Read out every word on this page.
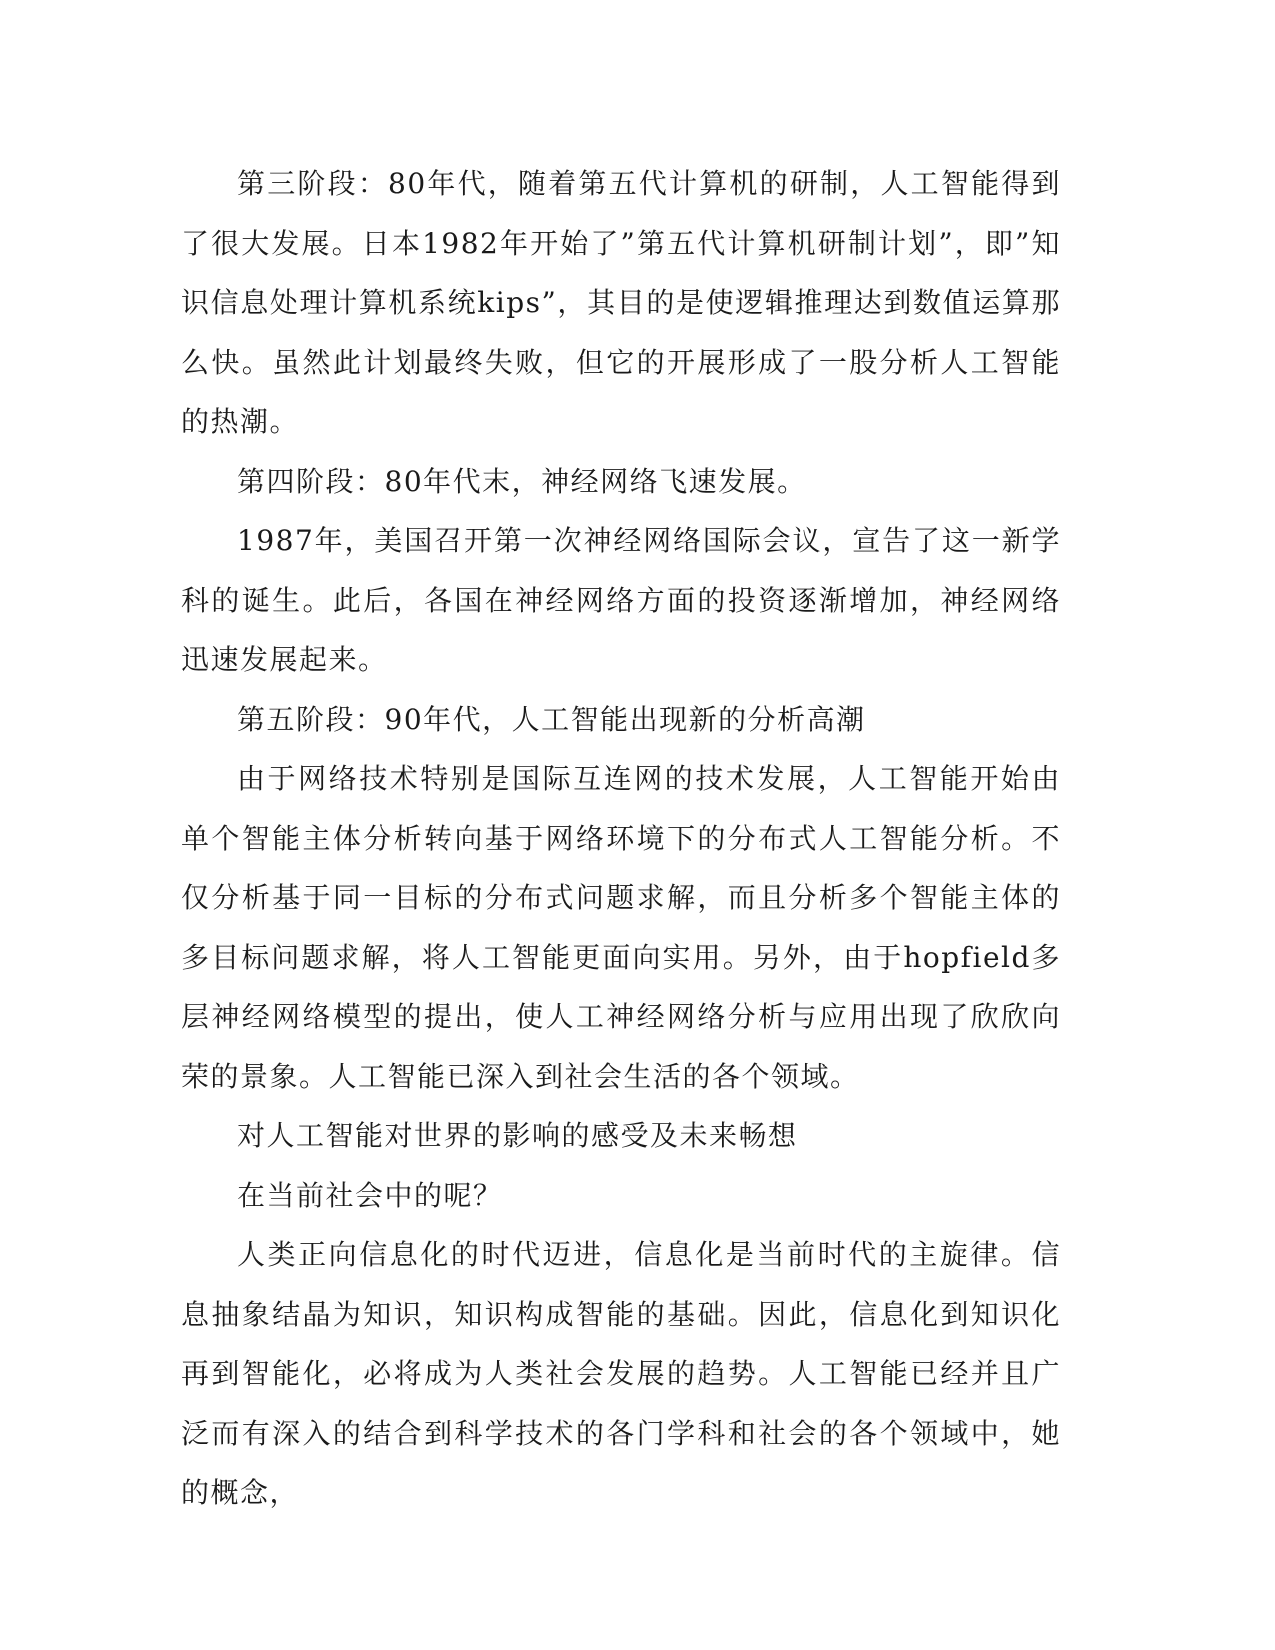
第三阶段：80年代，随着第五代计算机的研制，人工智能得到了很大发展。日本1982年开始了”第五代计算机研制计划”，即”知识信息处理计算机系统kips”，其目的是使逻辑推理达到数值运算那么快。虽然此计划最终失败，但它的开展形成了一股分析人工智能的热潮。

第四阶段：80年代末，神经网络飞速发展。

1987年，美国召开第一次神经网络国际会议，宣告了这一新学科的诞生。此后，各国在神经网络方面的投资逐渐增加，神经网络迅速发展起来。

第五阶段：90年代，人工智能出现新的分析高潮

由于网络技术特别是国际互连网的技术发展，人工智能开始由单个智能主体分析转向基于网络环境下的分布式人工智能分析。不仅分析基于同一目标的分布式问题求解，而且分析多个智能主体的多目标问题求解，将人工智能更面向实用。另外，由于hopfield多层神经网络模型的提出，使人工神经网络分析与应用出现了欣欣向荣的景象。人工智能已深入到社会生活的各个领域。

对人工智能对世界的影响的感受及未来畅想

在当前社会中的呢？

人类正向信息化的时代迈进，信息化是当前时代的主旋律。信息抽象结晶为知识，知识构成智能的基础。因此，信息化到知识化再到智能化，必将成为人类社会发展的趋势。人工智能已经并且广泛而有深入的结合到科学技术的各门学科和社会的各个领域中，她的概念，
